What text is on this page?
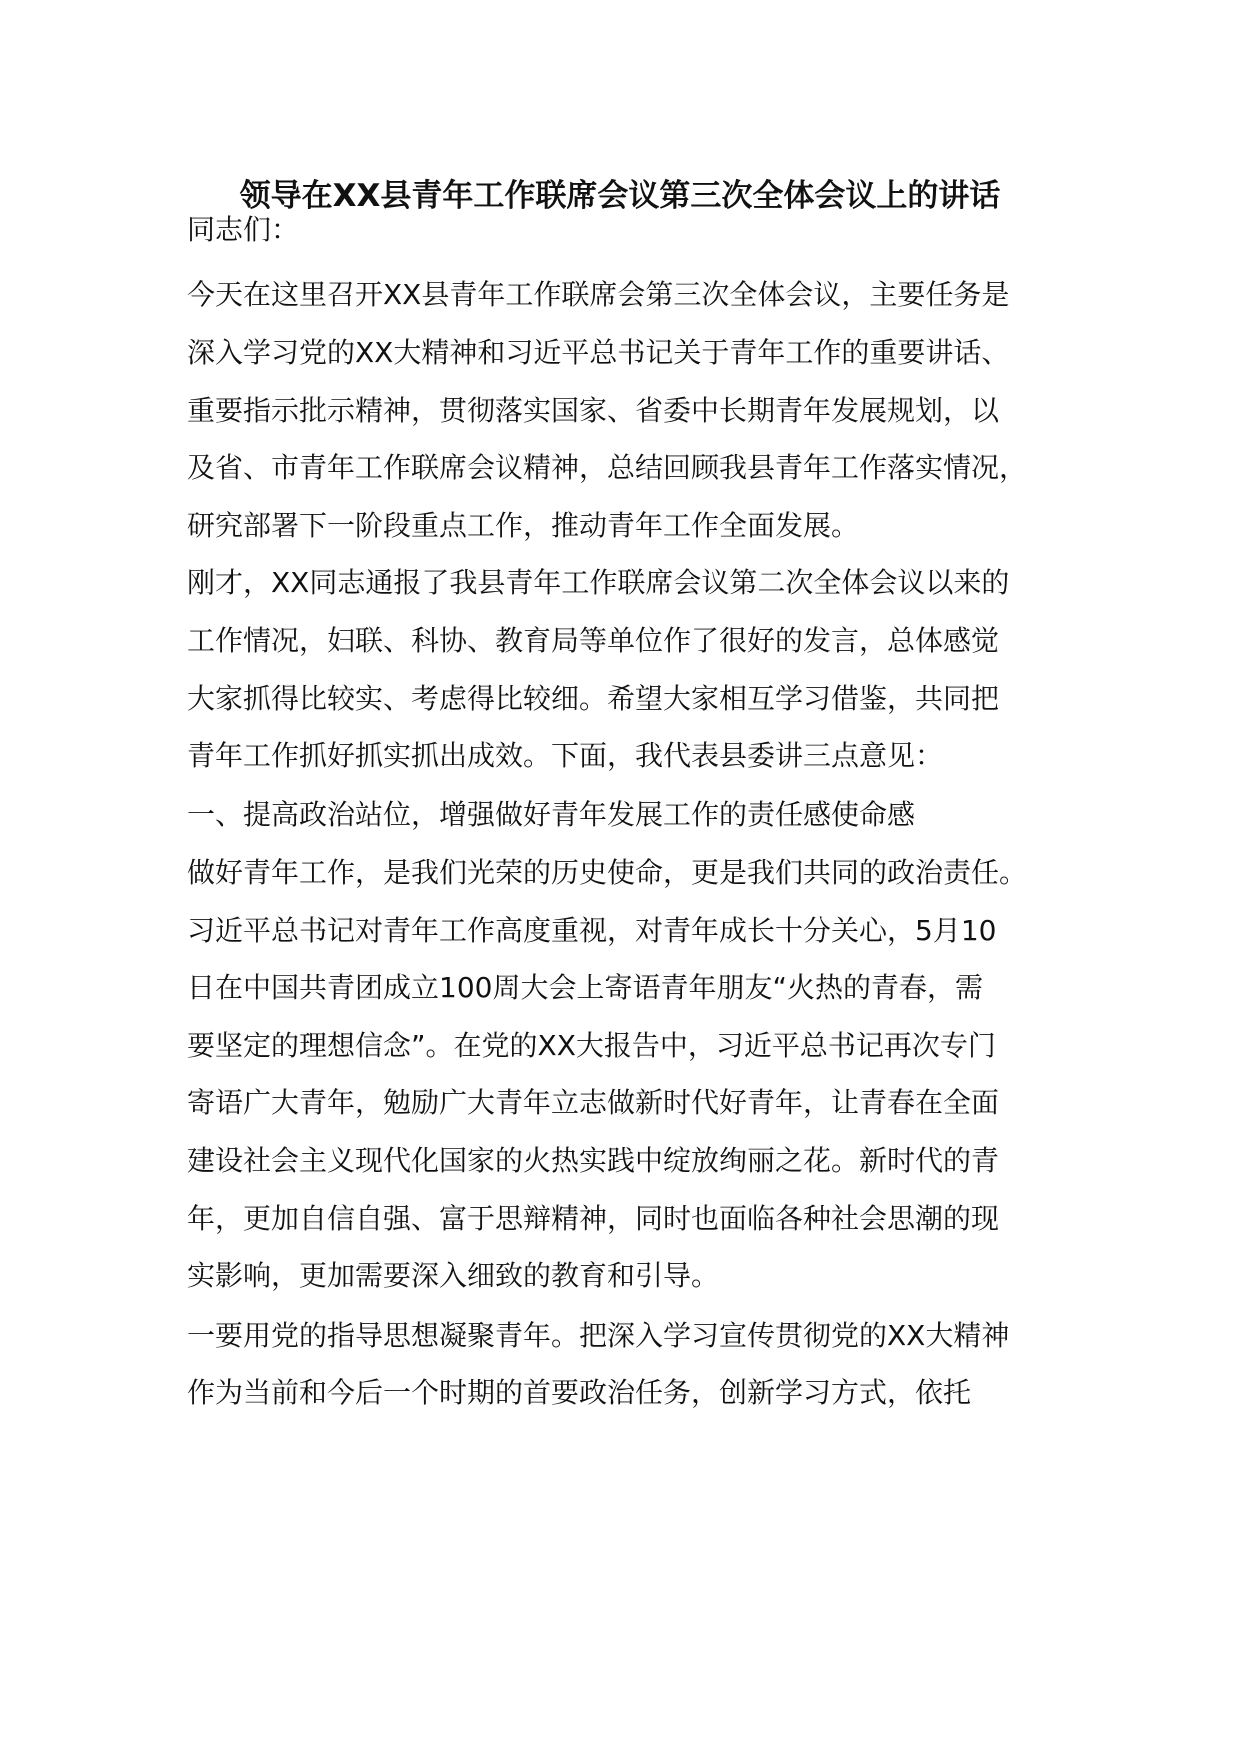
领导在XX县青年工作联席会议第三次全体会议上的讲话
同志们：
今天在这里召开XX县青年工作联席会第三次全体会议，主要任务是
深入学习党的XX大精神和习近平总书记关于青年工作的重要讲话、
重要指示批示精神，贯彻落实国家、省委中长期青年发展规划，以
及省、市青年工作联席会议精神，总结回顾我县青年工作落实情况，
研究部署下一阶段重点工作，推动青年工作全面发展。
刚才，XX同志通报了我县青年工作联席会议第二次全体会议以来的
工作情况，妇联、科协、教育局等单位作了很好的发言，总体感觉
大家抓得比较实、考虑得比较细。希望大家相互学习借鉴，共同把
青年工作抓好抓实抓出成效。下面，我代表县委讲三点意见：
一、提高政治站位，增强做好青年发展工作的责任感使命感
做好青年工作，是我们光荣的历史使命，更是我们共同的政治责任。
习近平总书记对青年工作高度重视，对青年成长十分关心，5月10
日在中国共青团成立100周大会上寄语青年朋友“火热的青春，需
要坚定的理想信念”。在党的XX大报告中，习近平总书记再次专门
寄语广大青年，勉励广大青年立志做新时代好青年，让青春在全面
建设社会主义现代化国家的火热实践中绽放绚丽之花。新时代的青
年，更加自信自强、富于思辩精神，同时也面临各种社会思潮的现
实影响，更加需要深入细致的教育和引导。
一要用党的指导思想凝聚青年。把深入学习宣传贯彻党的XX大精神
作为当前和今后一个时期的首要政治任务，创新学习方式，依托
